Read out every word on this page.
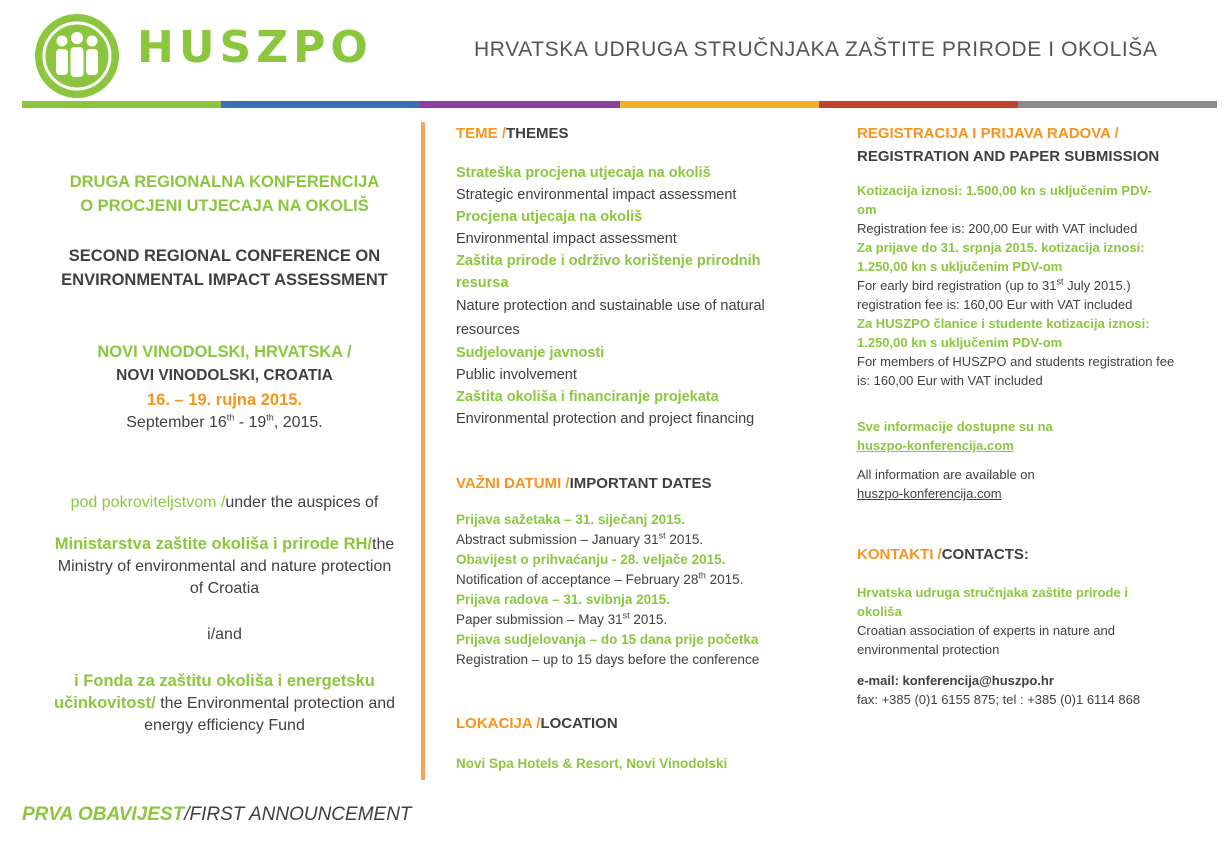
HUSZPO	HRVATSKA UDRUGA STRUČNJAKA ZAŠTITE PRIRODE I OKOLIŠA
DRUGA REGIONALNA KONFERENCIJA
O PROCJENI UTJECAJA NA OKOLIŠ
SECOND REGIONAL CONFERENCE ON
ENVIRONMENTAL IMPACT ASSESSMENT
NOVI VINODOLSKI, HRVATSKA /
NOVI VINODOLSKI, CROATIA
16. – 19. rujna 2015.
September 16th - 19th, 2015.
pod pokroviteljstvom /under the auspices of
Ministarstva zaštite okoliša i prirode RH/the
Ministry of environmental and nature protection
of Croatia
i/and
i Fonda za zaštitu okoliša i energetsku
učinkovitost/ the Environmental protection and
energy efficiency Fund
TEME /THEMES
Strateška procjena utjecaja na okoliš
Strategic environmental impact assessment
Procjena utjecaja na okoliš
Environmental impact assessment
Zaštita prirode i održivo korištenje prirodnih resursa
Nature protection and sustainable use of natural resources
Sudjelovanje javnosti
Public involvement
Zaštita okoliša i financiranje projekata
Environmental protection and project financing
VAŽNI DATUMI /IMPORTANT DATES
Prijava sažetaka – 31. siječanj 2015.
Abstract submission – January 31st 2015.
Obavijest o prihvaćanju - 28. veljače 2015.
Notification of acceptance – February 28th 2015.
Prijava radova – 31. svibnja 2015.
Paper submission – May 31st 2015.
Prijava sudjelovanja – do 15 dana prije početka
Registration – up to 15 days before the conference
LOKACIJA /LOCATION
Novi Spa Hotels & Resort, Novi Vinodolski
REGISTRACIJA I PRIJAVA RADOVA /
REGISTRATION AND PAPER SUBMISSION
Kotizacija iznosi: 1.500,00 kn s uključenim PDV-om
Registration fee is: 200,00 Eur with VAT included
Za prijave do 31. srpnja 2015. kotizacija iznosi: 1.250,00 kn s uključenim PDV-om
For early bird registration (up to 31st July 2015.)
registration fee is: 160,00 Eur with VAT included
Za HUSZPO članice i studente kotizacija iznosi: 1.250,00 kn s uključenim PDV-om
For members of HUSZPO and students registration fee is: 160,00 Eur with VAT included
Sve informacije dostupne su na
huszpo-konferencija.com
All information are available on
huszpo-konferencija.com
KONTAKTI /CONTACTS:
Hrvatska udruga stručnjaka zaštite prirode i okoliša
Croatian association of experts in nature and environmental protection
e-mail: konferencija@huszpo.hr
fax: +385 (0)1 6155 875; tel : +385 (0)1 6114 868
PRVA OBAVIJEST/FIRST ANNOUNCEMENT
